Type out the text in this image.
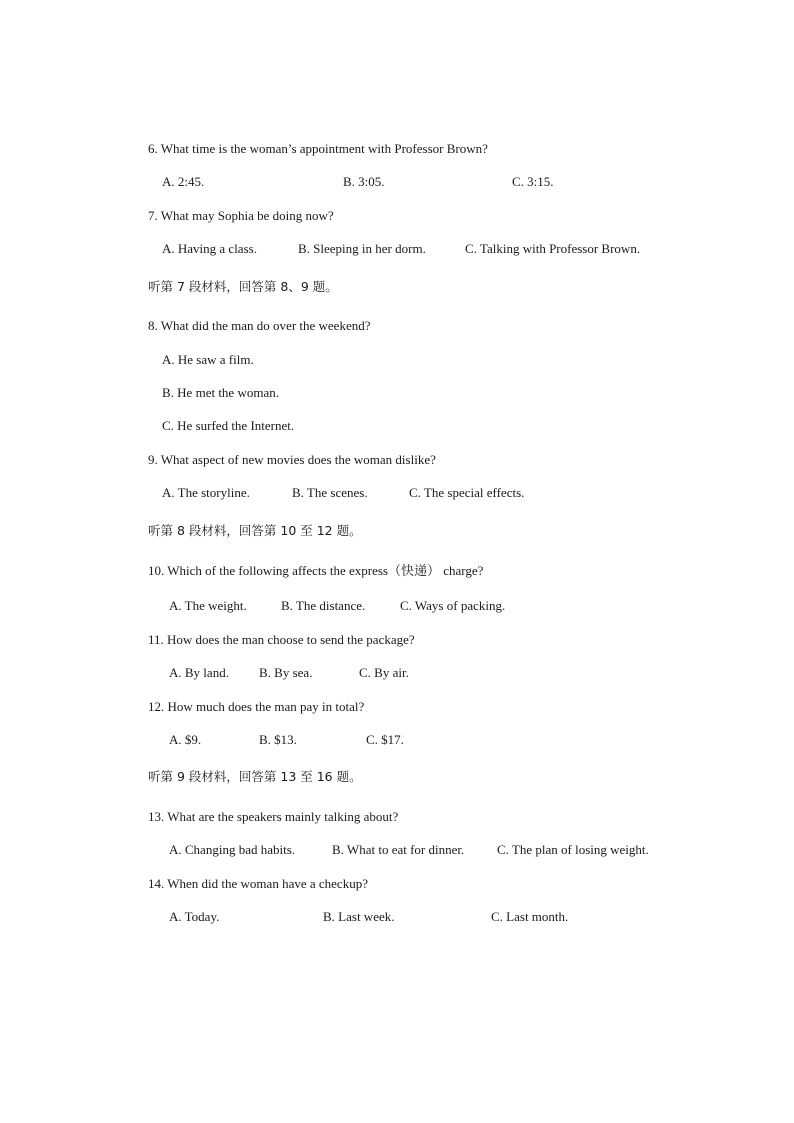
6. What time is the woman’s appointment with Professor Brown?
A. 2:45.	B. 3:05.	C. 3:15.
7. What may Sophia be doing now?
A. Having a class.	B. Sleeping in her dorm.	C. Talking with Professor Brown.
听第 7 段材料，回答第 8、9 题。
8. What did the man do over the weekend?
A. He saw a film.
B. He met the woman.
C. He surfed the Internet.
9. What aspect of new movies does the woman dislike?
A. The storyline.	B. The scenes.	C. The special effects.
听第 8 段材料，回答第 10 至 12 题。
10. Which of the following affects the express（快递） charge?
A. The weight.	B. The distance.	C. Ways of packing.
11. How does the man choose to send the package?
A. By land. B. By sea.	C. By air.
12. How much does the man pay in total?
A. $9.	B. $13.	C. $17.
听第 9 段材料，回答第 13 至 16 题。
13. What are the speakers mainly talking about?
A. Changing bad habits.	B. What to eat for dinner.	C. The plan of losing weight.
14. When did the woman have a checkup?
A. Today.	B. Last week.	C. Last month.
